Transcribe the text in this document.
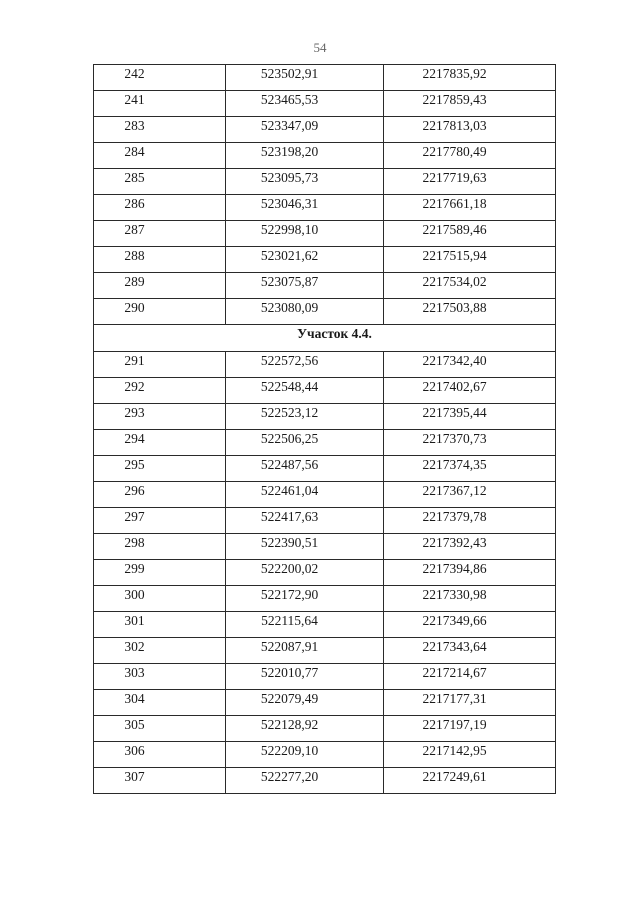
54
242	523502,91	2217835,92
241	523465,53	2217859,43
283	523347,09	2217813,03
284	523198,20	2217780,49
285	523095,73	2217719,63
286	523046,31	2217661,18
287	522998,10	2217589,46
288	523021,62	2217515,94
289	523075,87	2217534,02
290	523080,09	2217503,88
Участок 4.4.		
291	522572,56	2217342,40
292	522548,44	2217402,67
293	522523,12	2217395,44
294	522506,25	2217370,73
295	522487,56	2217374,35
296	522461,04	2217367,12
297	522417,63	2217379,78
298	522390,51	2217392,43
299	522200,02	2217394,86
300	522172,90	2217330,98
301	522115,64	2217349,66
302	522087,91	2217343,64
303	522010,77	2217214,67
304	522079,49	2217177,31
305	522128,92	2217197,19
306	522209,10	2217142,95
307	522277,20	2217249,61
